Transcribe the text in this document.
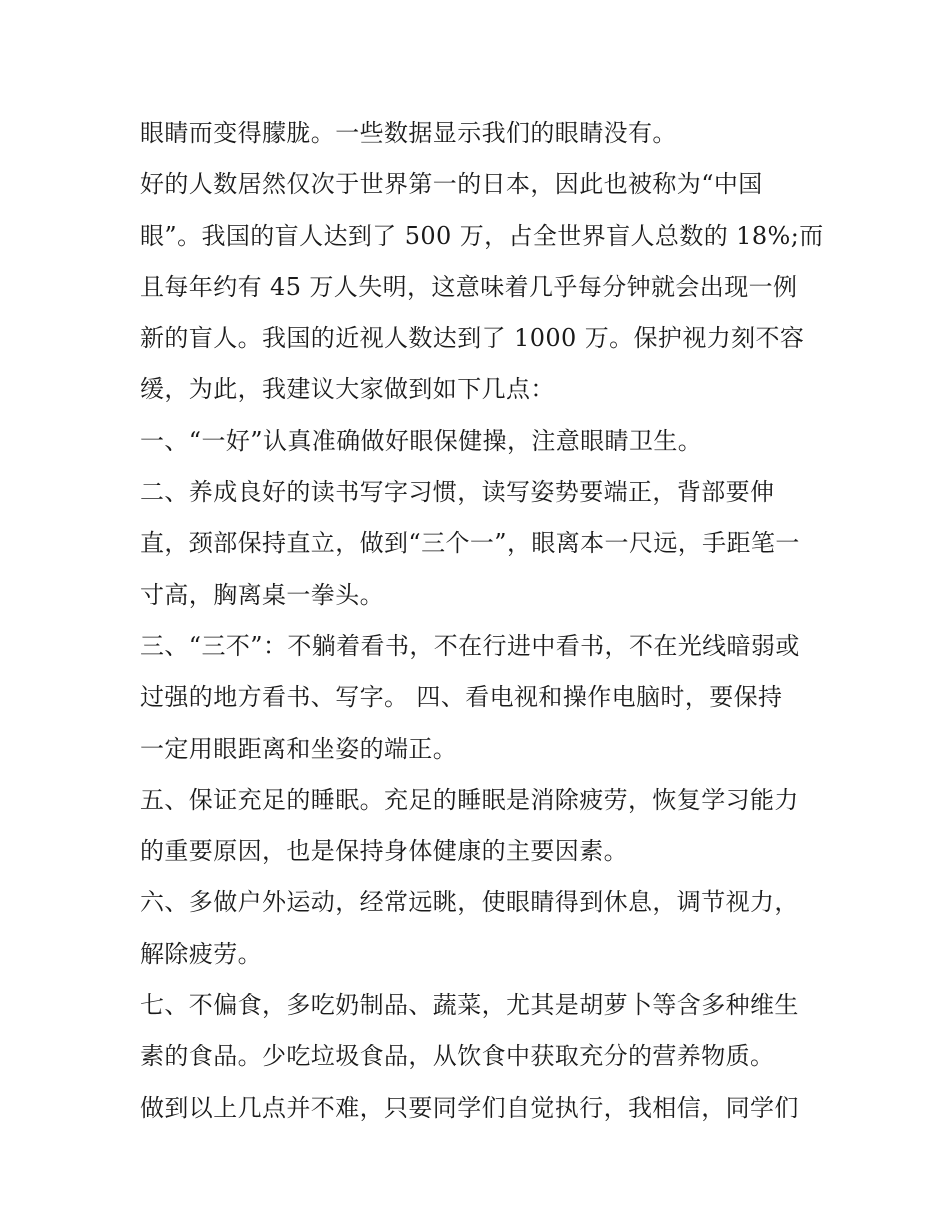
眼睛而变得朦胧。一些数据显示我们的眼睛没有。
好的人数居然仅次于世界第一的日本，因此也被称为“中国
眼”。我国的盲人达到了 500 万，占全世界盲人总数的 18%;而
且每年约有 45 万人失明，这意味着几乎每分钟就会出现一例
新的盲人。我国的近视人数达到了 1000 万。保护视力刻不容
缓，为此，我建议大家做到如下几点：
一、“一好”认真准确做好眼保健操，注意眼睛卫生。
二、养成良好的读书写字习惯，读写姿势要端正，背部要伸
直，颈部保持直立，做到“三个一”，眼离本一尺远，手距笔一
寸高，胸离桌一拳头。
三、“三不”：不躺着看书，不在行进中看书，不在光线暗弱或
过强的地方看书、写字。 四、看电视和操作电脑时，要保持
一定用眼距离和坐姿的端正。
五、保证充足的睡眠。充足的睡眠是消除疲劳，恢复学习能力
的重要原因，也是保持身体健康的主要因素。
六、多做户外运动，经常远眺，使眼睛得到休息，调节视力，
解除疲劳。
七、不偏食，多吃奶制品、蔬菜，尤其是胡萝卜等含多种维生
素的食品。少吃垃圾食品，从饮食中获取充分的营养物质。
做到以上几点并不难，只要同学们自觉执行，我相信，同学们
